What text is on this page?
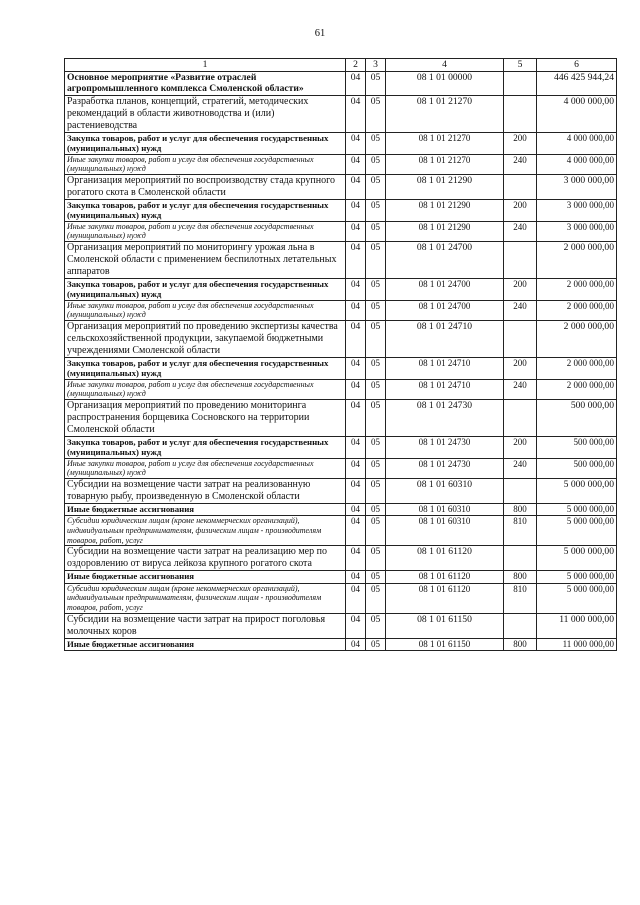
61
1	2	3	4	5	6
Основное мероприятие «Развитие отраслей агропромышленного комплекса Смоленской области»	04	05	08 1 01 00000		446 425 944,24
Разработка планов, концепций, стратегий, методических рекомендаций в области животноводства и (или) растениеводства	04	05	08 1 01 21270		4 000 000,00
Закупка товаров, работ и услуг для обеспечения государственных (муниципальных) нужд	04	05	08 1 01 21270	200	4 000 000,00
Иные закупки товаров, работ и услуг для обеспечения государственных (муниципальных) нужд	04	05	08 1 01 21270	240	4 000 000,00
Организация мероприятий по воспроизводству стада крупного рогатого скота в Смоленской области	04	05	08 1 01 21290		3 000 000,00
Закупка товаров, работ и услуг для обеспечения государственных (муниципальных) нужд	04	05	08 1 01 21290	200	3 000 000,00
Иные закупки товаров, работ и услуг для обеспечения государственных (муниципальных) нужд	04	05	08 1 01 21290	240	3 000 000,00
Организация мероприятий по мониторингу урожая льна в Смоленской области с применением беспилотных летательных аппаратов	04	05	08 1 01 24700		2 000 000,00
Закупка товаров, работ и услуг для обеспечения государственных (муниципальных) нужд	04	05	08 1 01 24700	200	2 000 000,00
Иные закупки товаров, работ и услуг для обеспечения государственных (муниципальных) нужд	04	05	08 1 01 24700	240	2 000 000,00
Организация мероприятий по проведению экспертизы качества сельскохозяйственной продукции, закупаемой бюджетными учреждениями Смоленской области	04	05	08 1 01 24710		2 000 000,00
Закупка товаров, работ и услуг для обеспечения государственных (муниципальных) нужд	04	05	08 1 01 24710	200	2 000 000,00
Иные закупки товаров, работ и услуг для обеспечения государственных (муниципальных) нужд	04	05	08 1 01 24710	240	2 000 000,00
Организация мероприятий по проведению мониторинга распространения борщевика Сосновского на территории Смоленской области	04	05	08 1 01 24730		500 000,00
Закупка товаров, работ и услуг для обеспечения государственных (муниципальных) нужд	04	05	08 1 01 24730	200	500 000,00
Иные закупки товаров, работ и услуг для обеспечения государственных (муниципальных) нужд	04	05	08 1 01 24730	240	500 000,00
Субсидии на возмещение части затрат на реализованную товарную рыбу, произведенную в Смоленской области	04	05	08 1 01 60310		5 000 000,00
Иные бюджетные ассигнования	04	05	08 1 01 60310	800	5 000 000,00
Субсидии юридическим лицам (кроме некоммерческих организаций), индивидуальным предпринимателям, физическим лицам - производителям товаров, работ, услуг	04	05	08 1 01 60310	810	5 000 000,00
Субсидии на возмещение части затрат на реализацию мер по оздоровлению от вируса лейкоза крупного рогатого скота	04	05	08 1 01 61120		5 000 000,00
Иные бюджетные ассигнования	04	05	08 1 01 61120	800	5 000 000,00
Субсидии юридическим лицам (кроме некоммерческих организаций), индивидуальным предпринимателям, физическим лицам - производителям товаров, работ, услуг	04	05	08 1 01 61120	810	5 000 000,00
Субсидии на возмещение части затрат на прирост поголовья молочных коров	04	05	08 1 01 61150		11 000 000,00
Иные бюджетные ассигнования	04	05	08 1 01 61150	800	11 000 000,00
